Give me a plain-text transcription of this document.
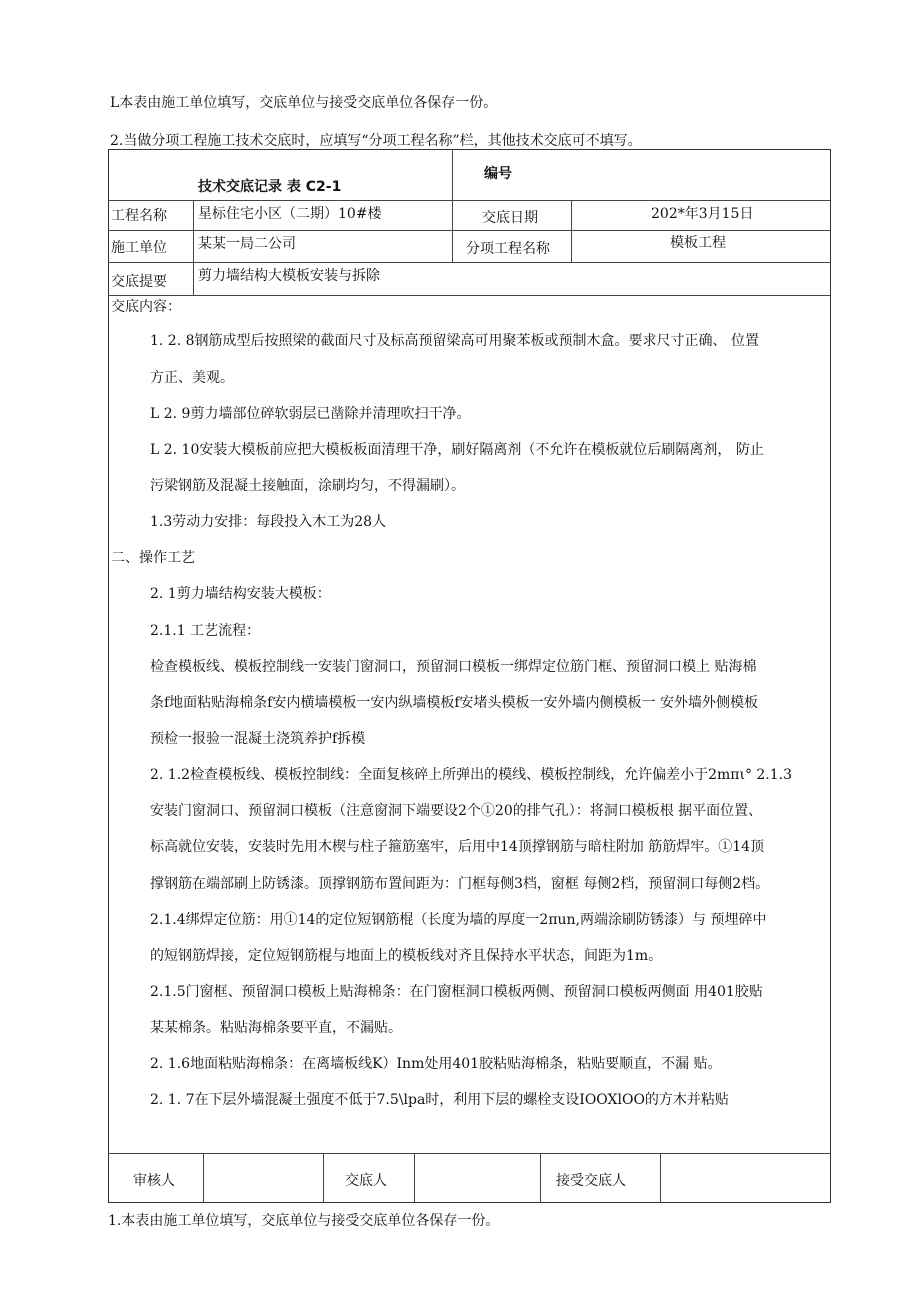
L本表由施工单位填写，交底单位与接受交底单位各保存一份。
2.当做分项工程施工技术交底时，应填写“分项工程名称”栏，其他技术交底可不填写。
技术交底记录 表 C2-1
编号
工程名称 星标住宅小区（二期）10#楼	交底日期	202*年3月15日
施工单位 某某一局二公司	分项工程名称	模板工程
交底提要 剪力墙结构大模板安装与拆除
交底内容：
1. 2. 8钢筋成型后按照梁的截面尺寸及标高预留梁高可用聚苯板或预制木盒。要求尺寸正确、 位置
方正、美观。
L 2. 9剪力墙部位碎软弱层已凿除并清理吹扫干净。
L 2. 10安装大模板前应把大模板板面清理干净，刷好隔离剂（不允许在模板就位后刷隔离剂， 防止
污梁钢筋及混凝土接触面，涂刷均匀，不得漏刷）。
1.3劳动力安排：每段投入木工为28人
二、操作工艺
2. 1剪力墙结构安装大模板：
2.1.1 工艺流程：
检查模板线、模板控制线一安装门窗洞口，预留洞口模板一绑焊定位筋门框、预留洞口模上 贴海棉
条f地面粘贴海棉条f安内横墙模板一安内纵墙模板f安堵头模板一安外墙内侧模板一 安外墙外侧模板
预检一报验一混凝土浇筑养护f拆模
2. 1.2检查模板线、模板控制线：全面复核碎上所弹出的模线、模板控制线，允许偏差小于2mπι° 2.1.3
安装门窗洞口、预留洞口模板（注意窗洞下端要设2个①20的排气孔）：将洞口模板根 据平面位置、
标高就位安装，安装时先用木楔与柱子箍筋塞牢，后用中14顶撑钢筋与暗柱附加 筋筋焊牢。①14顶
撑钢筋在端部刷上防锈漆。顶撑钢筋布置间距为：门框每侧3档，窗框 每侧2档，预留洞口每侧2档。
2.1.4绑焊定位筋：用①14的定位短钢筋棍（长度为墙的厚度一2πun,两端涂刷防锈漆）与 预埋碎中
的短钢筋焊接，定位短钢筋棍与地面上的模板线对齐且保持水平状态，间距为1m。
2.1.5门窗框、预留洞口模板上贴海棉条：在门窗框洞口模板两侧、预留洞口模板两侧面 用401胶贴
某某棉条。粘贴海棉条要平直，不漏贴。
2. 1.6地面粘贴海棉条：在离墙板线K）Inm处用401胶粘贴海棉条，粘贴要顺直，不漏 贴。
2. 1. 7在下层外墙混凝土强度不低于7.5\lpa时，利用下层的螺栓支设IOOXlOO的方木并粘贴
审核人	交底人	接受交底人
1.本表由施工单位填写，交底单位与接受交底单位各保存一份。
